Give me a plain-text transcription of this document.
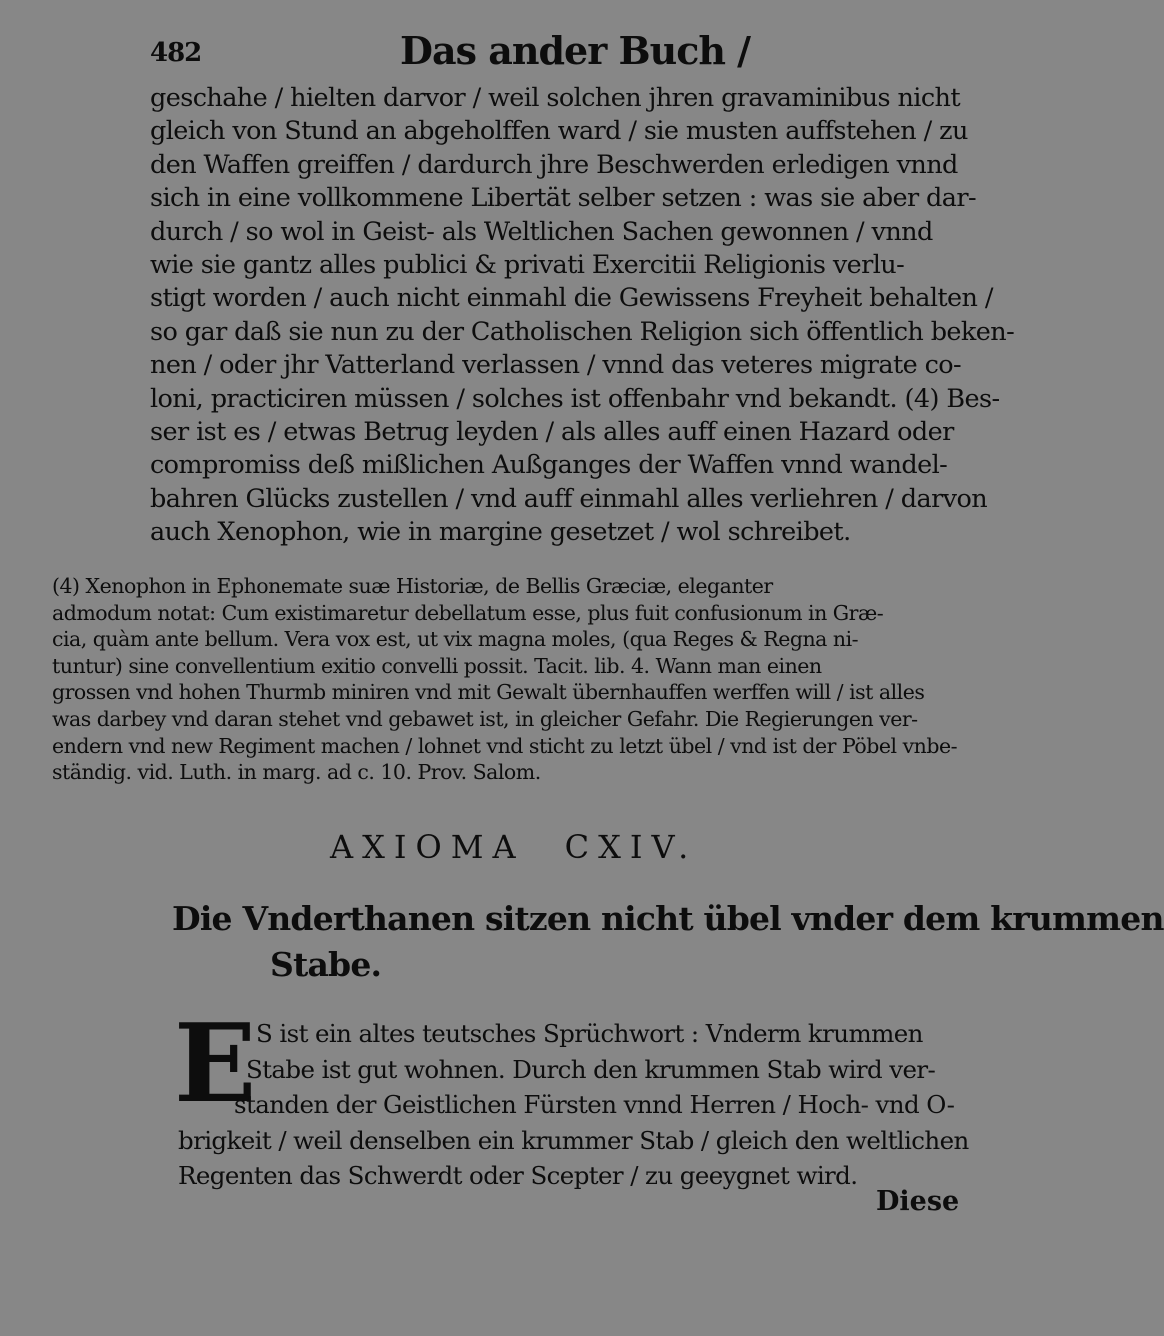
482	Das ander Buch /
geschahe / hielten darvor / weil solchen jhren gravaminibus nicht
gleich von Stund an abgeholffen ward / sie musten auffstehen / zu
den Waffen greiffen / dardurch jhre Beschwerden erledigen vnnd
sich in eine vollkommene Libertät selber setzen : was sie aber dar-
durch / so wol in Geist- als Weltlichen Sachen gewonnen / vnnd
wie sie gantz alles publici & privati Exercitii Religionis verlu-
stigt worden / auch nicht einmahl die Gewissens Freyheit behalten /
so gar daß sie nun zu der Catholischen Religion sich öffentlich beken-
nen / oder jhr Vatterland verlassen / vnnd das veteres migrate co-
loni, practiciren müssen / solches ist offenbahr vnd bekandt. (4) Bes-
ser ist es / etwas Betrug leyden / als alles auff einen Hazard oder
compromiss deß mißlichen Außganges der Waffen vnnd wandel-
bahren Glücks zustellen / vnd auff einmahl alles verliehren / darvon
auch Xenophon, wie in margine gesetzet / wol schreibet.
(4) Xenophon in Ephonemate suæ Historiæ, de Bellis Græciæ, eleganter
admodum notat: Cum existimaretur debellatum esse, plus fuit confusionum in Græ-
cia, quàm ante bellum. Vera vox est, ut vix magna moles, (qua Reges & Regna ni-
tuntur) sine convellentium exitio convelli possit. Tacit. lib. 4. Wann man einen
grossen vnd hohen Thurmb miniren vnd mit Gewalt übernhauffen werffen will / ist alles
was darbey vnd daran stehet vnd gebawet ist, in gleicher Gefahr. Die Regierungen ver-
endern vnd new Regiment machen / lohnet vnd sticht zu letzt übel / vnd ist der Pöbel vnbe-
ständig. vid. Luth. in marg. ad c. 10. Prov. Salom.
AXIOMA CXIV.
Die Vnderthanen sitzen nicht übel vnder dem krummen
Stabe.
E S ist ein altes teutsches Sprüchwort : Vnderm krummen
Stabe ist gut wohnen. Durch den krummen Stab wird ver-
standen der Geistlichen Fürsten vnnd Herren / Hoch- vnd O-
brigkeit / weil denselben ein krummer Stab / gleich den weltlichen
Regenten das Schwerdt oder Scepter / zu geeygnet wird.
Diese
